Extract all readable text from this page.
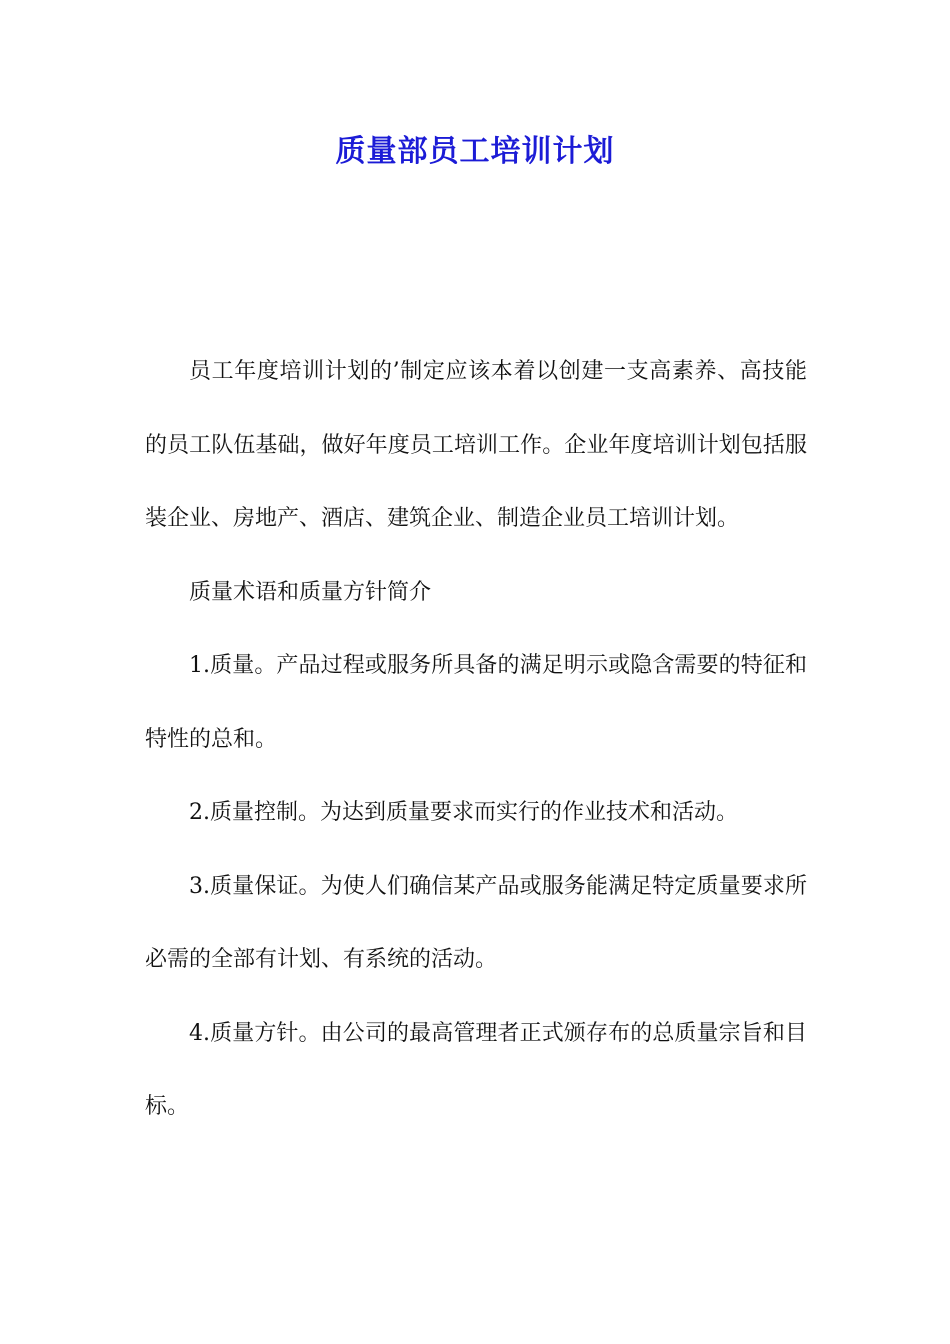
质量部员工培训计划

员工年度培训计划的’制定应该本着以创建一支高素养、高技能的员工队伍基础，做好年度员工培训工作。企业年度培训计划包括服装企业、房地产、酒店、建筑企业、制造企业员工培训计划。

质量术语和质量方针简介

1.质量。产品过程或服务所具备的满足明示或隐含需要的特征和特性的总和。

2.质量控制。为达到质量要求而实行的作业技术和活动。

3.质量保证。为使人们确信某产品或服务能满足特定质量要求所必需的全部有计划、有系统的活动。

4.质量方针。由公司的最高管理者正式颁存布的总质量宗旨和目标。
